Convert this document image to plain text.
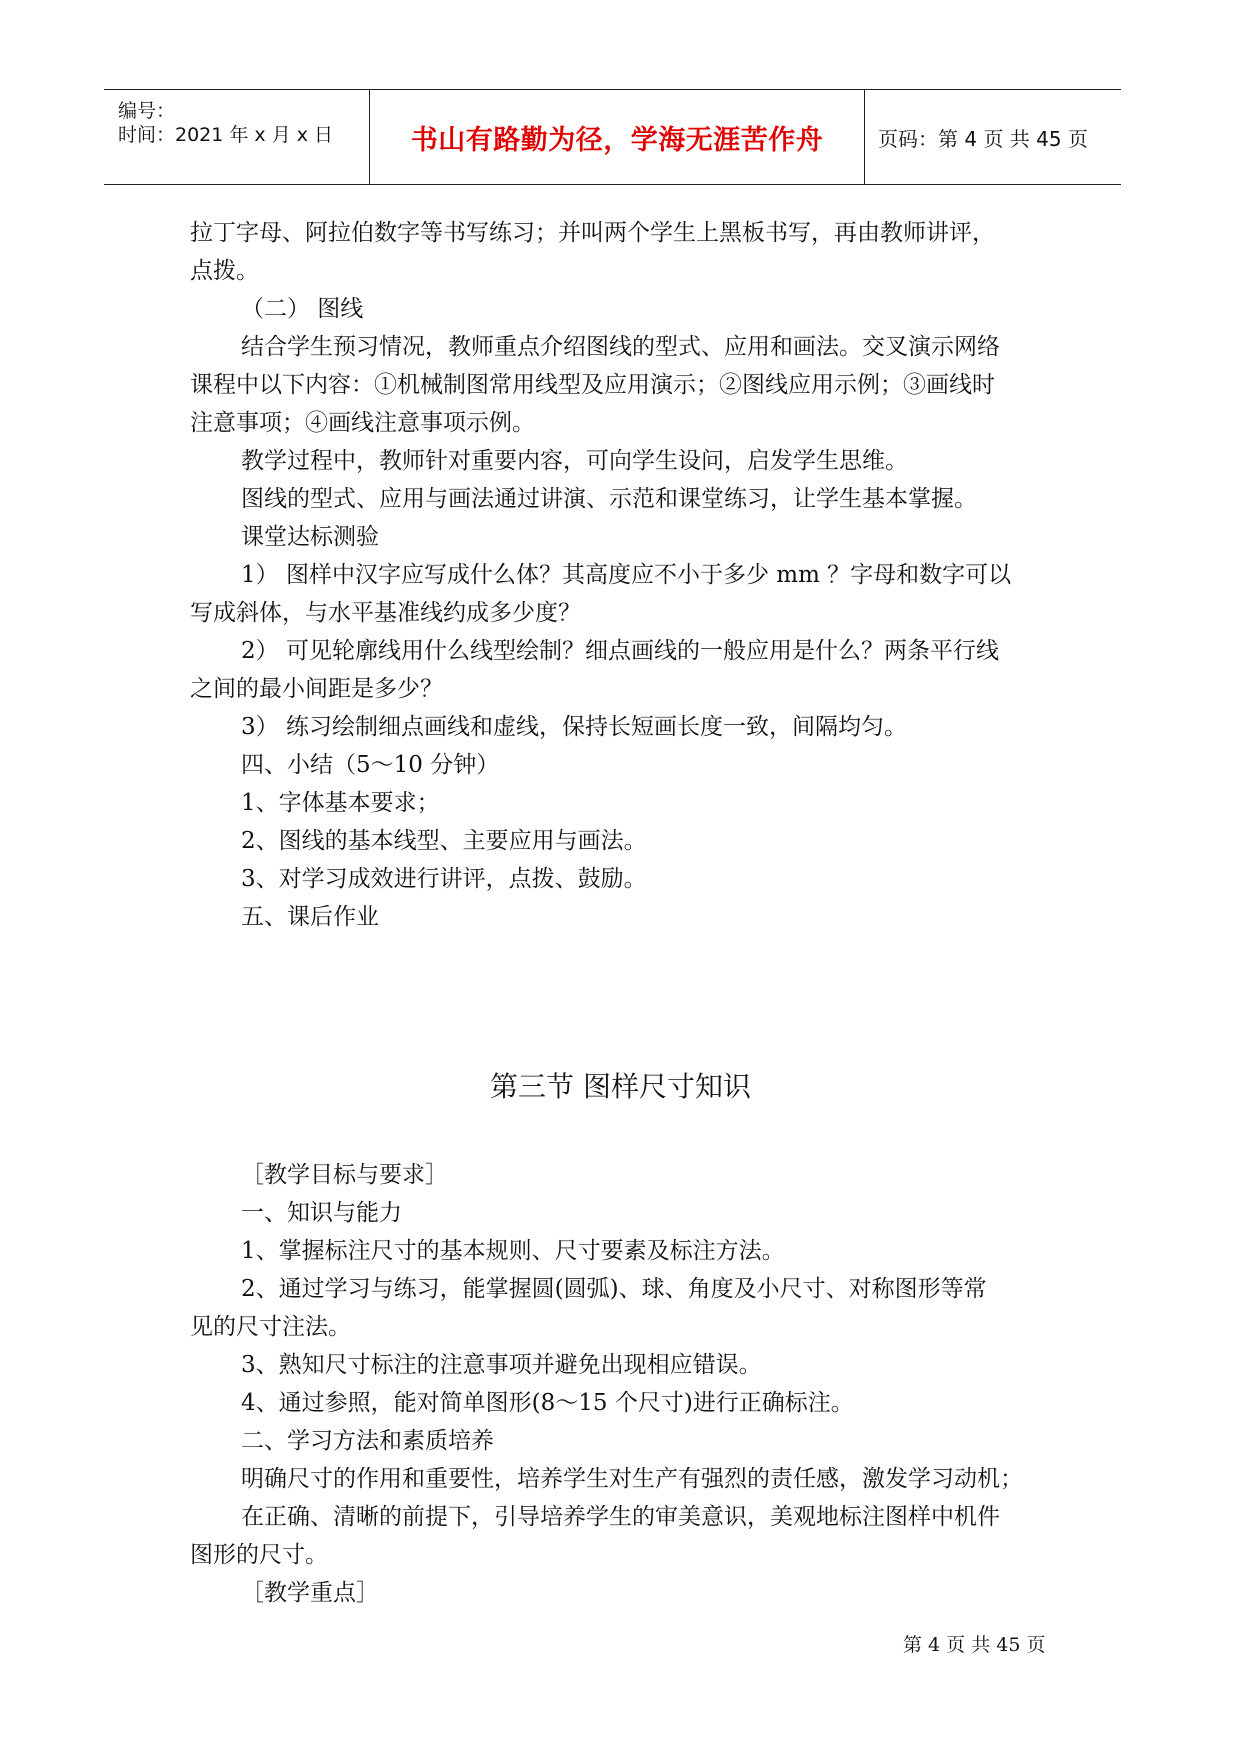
编号：
时间：2021 年 x 月 x 日	书山有路勤为径，学海无涯苦作舟	页码：第 4 页 共 45 页
拉丁字母、阿拉伯数字等书写练习；并叫两个学生上黑板书写，再由教师讲评，
点拨。
（二） 图线
结合学生预习情况，教师重点介绍图线的型式、应用和画法。交叉演示网络
课程中以下内容：①机械制图常用线型及应用演示；②图线应用示例；③画线时
注意事项；④画线注意事项示例。
教学过程中，教师针对重要内容，可向学生设问，启发学生思维。
图线的型式、应用与画法通过讲演、示范和课堂练习，让学生基本掌握。
课堂达标测验
1） 图样中汉字应写成什么体？其高度应不小于多少 mm ？字母和数字可以
写成斜体，与水平基准线约成多少度？
2） 可见轮廓线用什么线型绘制？细点画线的一般应用是什么？两条平行线
之间的最小间距是多少？
3） 练习绘制细点画线和虚线，保持长短画长度一致，间隔均匀。
四、小结（5～10 分钟）
1、字体基本要求；
2、图线的基本线型、主要应用与画法。
3、对学习成效进行讲评，点拨、鼓励。
五、课后作业
第三节 图样尺寸知识
［教学目标与要求］
一、知识与能力
1、掌握标注尺寸的基本规则、尺寸要素及标注方法。
2、通过学习与练习，能掌握圆(圆弧)、球、角度及小尺寸、对称图形等常
见的尺寸注法。
3、熟知尺寸标注的注意事项并避免出现相应错误。
4、通过参照，能对简单图形(8～15 个尺寸)进行正确标注。
二、学习方法和素质培养
明确尺寸的作用和重要性，培养学生对生产有强烈的责任感，激发学习动机；
在正确、清晰的前提下，引导培养学生的审美意识，美观地标注图样中机件
图形的尺寸。
［教学重点］
第 4 页 共 45 页
